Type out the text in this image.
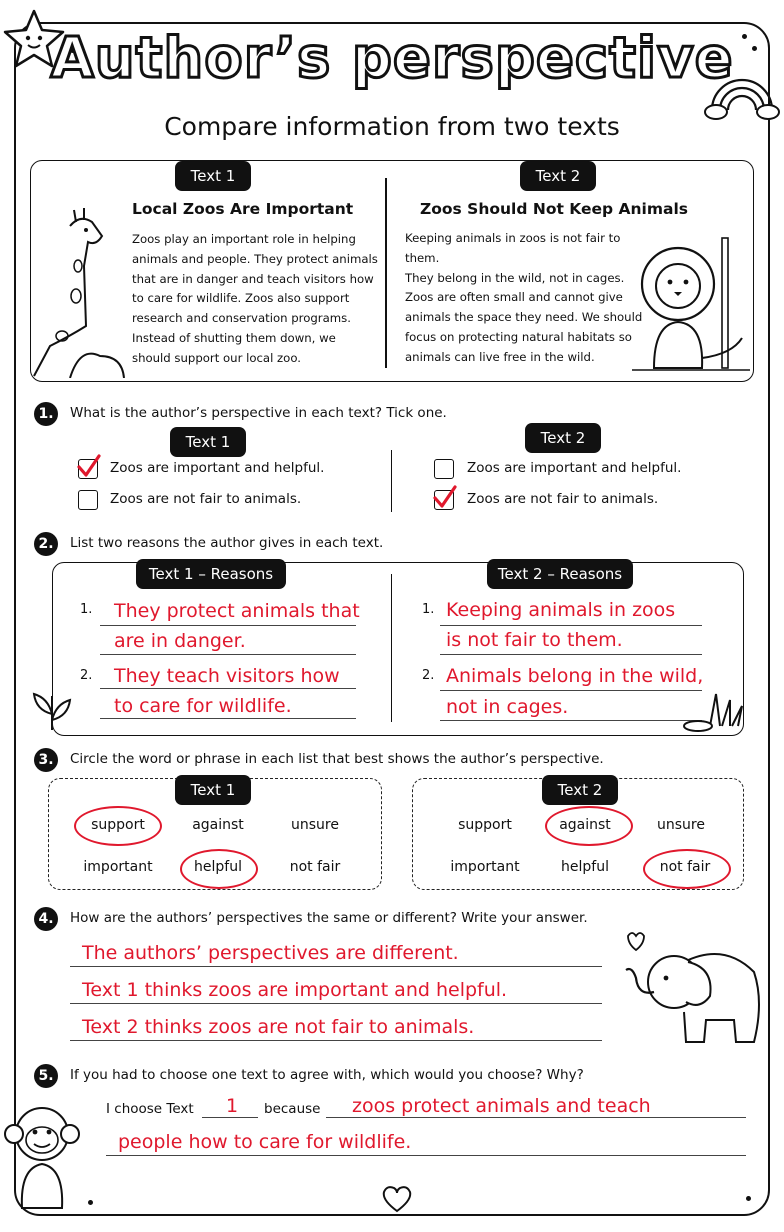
Author’s perspective
Compare information from two texts
Text 1	Text 2
Local Zoos Are Important
Zoos play an important role in helping
animals and people. They protect animals
that are in danger and teach visitors how
to care for wildlife. Zoos also support
research and conservation programs.
Instead of shutting them down, we
should support our local zoo.
Zoos Should Not Keep Animals
Keeping animals in zoos is not fair to them.
They belong in the wild, not in cages.
Zoos are often small and cannot give
animals the space they need. We should
focus on protecting natural habitats so
animals can live free in the wild.
1.	What is the author’s perspective in each text? Tick one.
Text 1	Text 2
Zoos are important and helpful.
Zoos are not fair to animals.
Zoos are important and helpful.
Zoos are not fair to animals.
2.	List two reasons the author gives in each text.
Text 1 – Reasons	Text 2 – Reasons
1. They protect animals that
are in danger.
2. They teach visitors how
to care for wildlife.
1. Keeping animals in zoos
is not fair to them.
2. Animals belong in the wild,
not in cages.
3.	Circle the word or phrase in each list that best shows the author’s perspective.
Text 1
support	against	unsure
important	helpful	not fair
Text 2
support	against	unsure
important	helpful	not fair
4.	How are the authors’ perspectives the same or different? Write your answer.
The authors’ perspectives are different.
Text 1 thinks zoos are important and helpful.
Text 2 thinks zoos are not fair to animals.
5.	If you had to choose one text to agree with, which would you choose? Why?
I choose Text 1 because zoos protect animals and teach
people how to care for wildlife.
